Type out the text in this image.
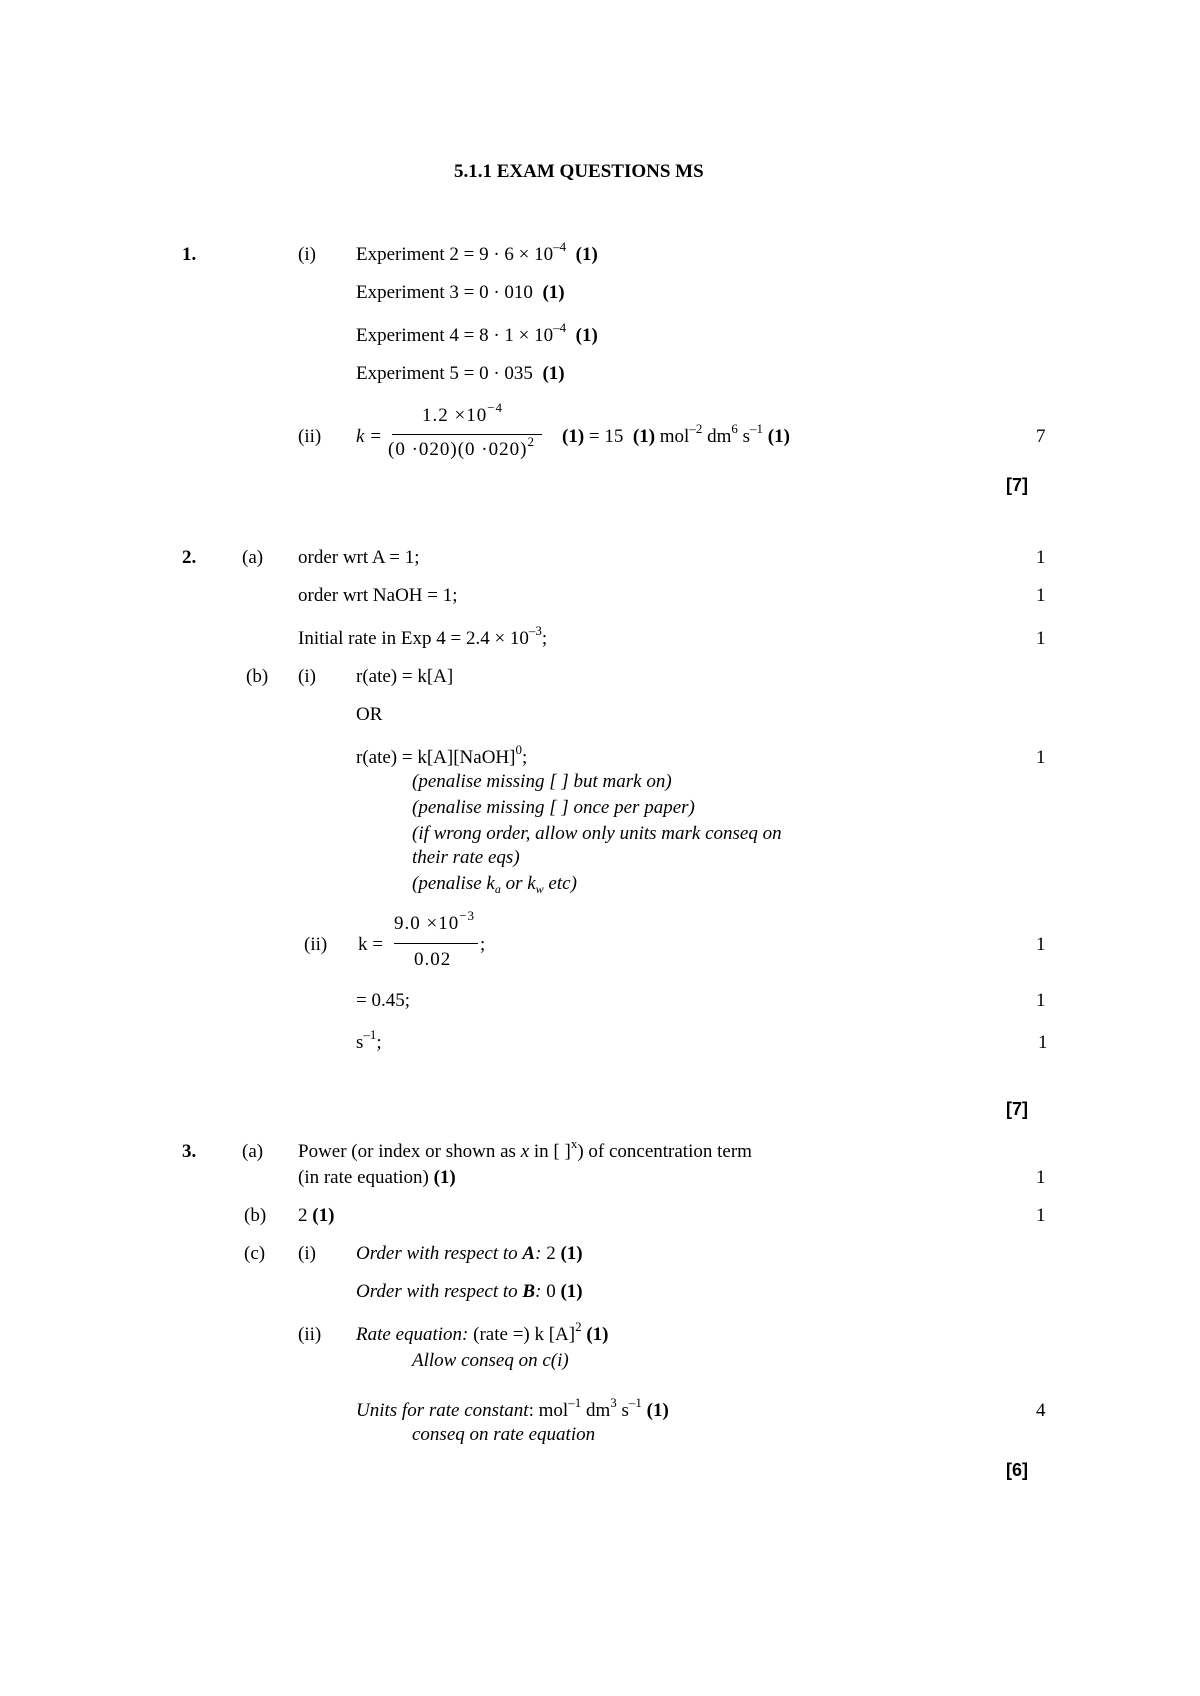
5.1.1 EXAM QUESTIONS MS
1.	(i) Experiment $2 = 9 \cdot 6 \times 10^{-4}$ (1)
Experiment 3 = 0 · 010 (1)
Experiment $4 = 8 \cdot 1 \times 10^{-4}$ (1)
Experiment 5 = 0 · 035 (1)
(ii) k =
$1.2 \times 10^{-4}$
$(0 \cdot 020)(0 \cdot 020)^2$ (1) = 15 (1) mol$^{-2}$ $dm^6$ $s^{-1}$ (1)	7
[7]
2. (a) order wrt A = 1;	1
order wrt NaOH = 1;	1
Initial rate in Exp $4 = 2.4 \times 10^{-3}$;	1
(b) (i) r(ate) = k[A]
OR
r(ate) = k[A][NaOH]$^0$;	1
(penalise missing [ ] but mark on)
(penalise missing [ ] once per paper)
(if wrong order, allow only units mark conseq on
their rate eqs)
(penalise $k_a$ or $k_w$ etc)
(ii) k =
$9.0 \times 10^{-3}$
0.02
;	1
= 0.45;	1
$s^{-1}$;	1
[7]
3. (a) Power (or index or shown as x in [ ]$^x$) of concentration term
(in rate equation) (1)	1
(b) 2 (1)	1
(c) (i) Order with respect to A: 2 (1)
Order with respect to B: 0 (1)
(ii) Rate equation: (rate =) k $[A]^2$ (1)
Allow conseq on c(i)
Units for rate constant: mol$^{-1}$ $dm^3$ $s^{-1}$ (1)	4
conseq on rate equation
[6]
